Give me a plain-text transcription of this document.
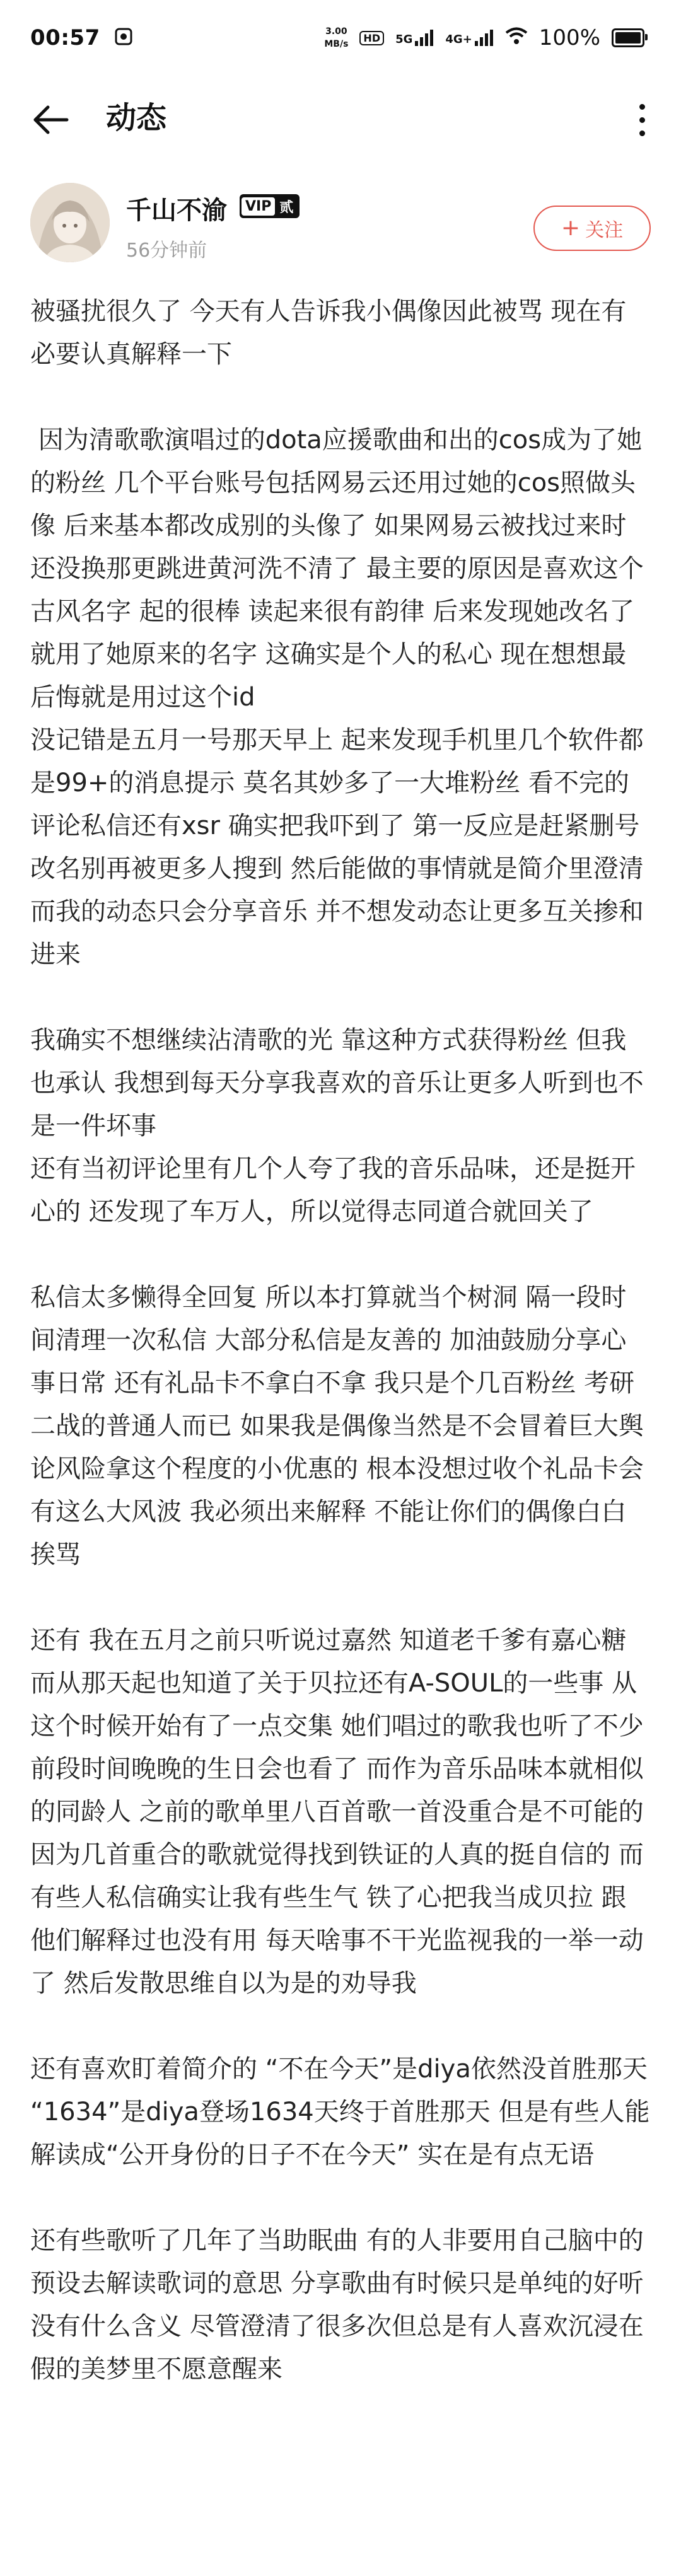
00:57	3.00
MB/s
HD	5G	4G+	100%
动态
千山不渝 VIP 贰
56分钟前
+ 关注
被骚扰很久了 今天有人告诉我小偶像因此被骂 现在有必要认真解释一下

因为清歌歌演唱过的dota应援歌曲和出的cos成为了她的粉丝 几个平台账号包括网易云还用过她的cos照做头像 后来基本都改成别的头像了 如果网易云被找过来时还没换那更跳进黄河洗不清了 最主要的原因是喜欢这个古风名字 起的很棒 读起来很有韵律 后来发现她改名了就用了她原来的名字 这确实是个人的私心 现在想想最后悔就是用过这个id
没记错是五月一号那天早上 起来发现手机里几个软件都是99+的消息提示 莫名其妙多了一大堆粉丝 看不完的评论私信还有xsr 确实把我吓到了 第一反应是赶紧删号改名别再被更多人搜到 然后能做的事情就是简介里澄清 而我的动态只会分享音乐 并不想发动态让更多互关掺和进来

我确实不想继续沾清歌的光 靠这种方式获得粉丝 但我也承认 我想到每天分享我喜欢的音乐让更多人听到也不是一件坏事
还有当初评论里有几个人夸了我的音乐品味，还是挺开心的 还发现了车万人，所以觉得志同道合就回关了

私信太多懒得全回复 所以本打算就当个树洞 隔一段时间清理一次私信 大部分私信是友善的 加油鼓励分享心事日常 还有礼品卡不拿白不拿 我只是个几百粉丝 考研二战的普通人而已 如果我是偶像当然是不会冒着巨大舆论风险拿这个程度的小优惠的 根本没想过收个礼品卡会有这么大风波 我必须出来解释 不能让你们的偶像白白挨骂

还有 我在五月之前只听说过嘉然 知道老千爹有嘉心糖 而从那天起也知道了关于贝拉还有A-SOUL的一些事 从这个时候开始有了一点交集 她们唱过的歌我也听了不少 前段时间晚晚的生日会也看了 而作为音乐品味本就相似的同龄人 之前的歌单里八百首歌一首没重合是不可能的 因为几首重合的歌就觉得找到铁证的人真的挺自信的 而有些人私信确实让我有些生气 铁了心把我当成贝拉 跟他们解释过也没有用 每天啥事不干光监视我的一举一动了 然后发散思维自以为是的劝导我

还有喜欢盯着简介的 “不在今天”是diya依然没首胜那天 “1634”是diya登场1634天终于首胜那天 但是有些人能解读成“公开身份的日子不在今天” 实在是有点无语

还有些歌听了几年了当助眠曲 有的人非要用自己脑中的预设去解读歌词的意思 分享歌曲有时候只是单纯的好听 没有什么含义 尽管澄清了很多次但总是有人喜欢沉浸在假的美梦里不愿意醒来
